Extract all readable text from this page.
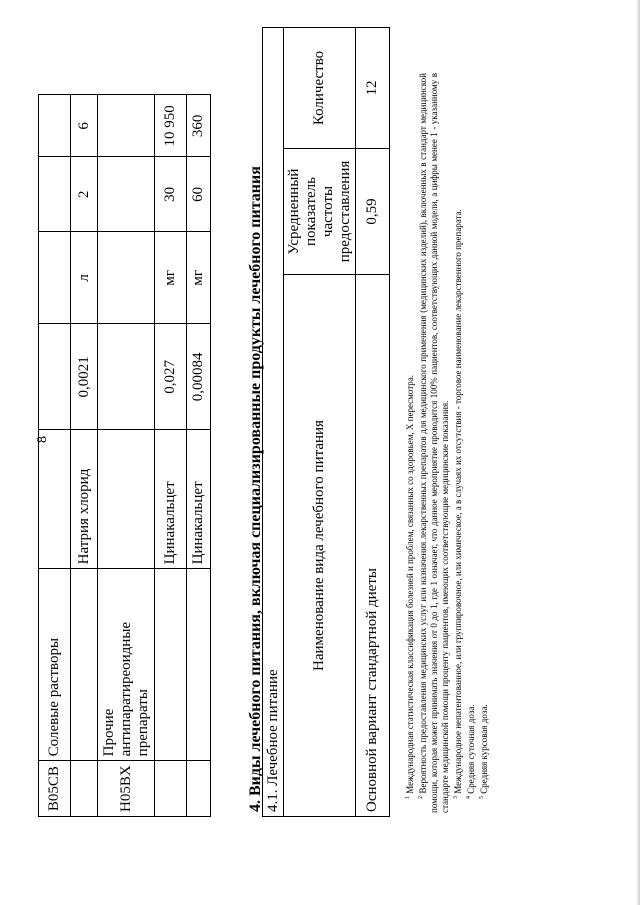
8
B05CB	Солевые растворы					
		Натрия хлорид	0,0021	л	2	6
H05BX	Прочие антипаратиреоидные препараты					
		Цинакальцет	0,027	мг	30	10 950
		Цинакальцет	0,00084	мг	60	360
4. Виды лечебного питания, включая специализированные продукты лечебного питания 4.1. Лечебное питание		
Наименование вида лечебного питания	Усредненный показатель частоты предоставления	Количество
Основной вариант стандартной диеты	0,59	12

$^1$ Международная статистическая классификация болезней и проблем, связанных со здоровьем, X пересмотра.

$^2$ Вероятность предоставления медицинских услуг или назначения лекарственных препаратов для медицинского применения (медицинских изделий), включенных в стандарт медицинской помощи, которая может принимать значения от 0 до 1, где 1 означает, что данное мероприятие проводится 100% пациентов, соответствующих данной модели, а цифры менее 1 - указанному в стандарте медицинской помощи проценту пациентов, имеющих соответствующие медицинские показания. $^3$ Международное непатентованное, или группировочное, или химическое, а в случаях их отсутствия - торговое наименование лекарственного препарата.

$^4$ Средняя суточная доза.

$^5$ Средняя курсовая доза.
